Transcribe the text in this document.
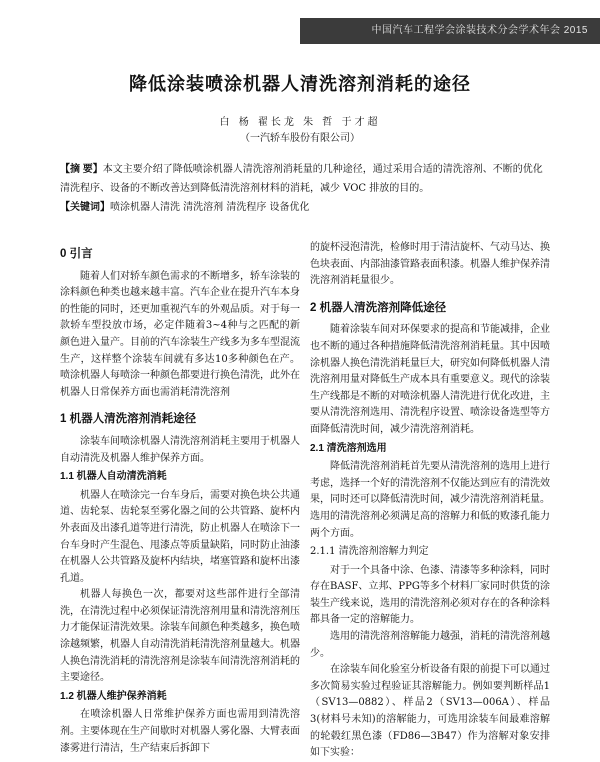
中国汽车工程学会涂装技术分会学术年会 2015
降低涂装喷涂机器人清洗溶剂消耗的途径
白 杨 翟长龙 朱 哲 于才超
（一汽轿车股份有限公司）
【摘 要】本文主要介绍了降低喷涂机器人清洗溶剂消耗量的几种途径，通过采用合适的清洗溶剂、不断的优化清洗程序、设备的不断改善达到降低清洗溶剂材料的消耗，减少 VOC 排放的目的。
【关键词】喷涂机器人清洗 清洗溶剂 清洗程序 设备优化
0 引言

随着人们对轿车颜色需求的不断增多，轿车涂装的涂料颜色种类也越来越丰富。汽车企业在提升汽车本身的性能的同时，还更加重视汽车的外观品质。对于每一款轿车型投放市场，必定伴随着3~4种与之匹配的新颜色进入量产。目前的汽车涂装生产线多为多车型混流生产，这样整个涂装车间就有多达10多种颜色在产。喷涂机器人每喷涂一种颜色都要进行换色清洗，此外在机器人日常保养方面也需消耗清洗溶剂

1 机器人清洗溶剂消耗途径

涂装车间喷涂机器人清洗溶剂消耗主要用于机器人自动清洗及机器人维护保养方面。

1.1 机器人自动清洗消耗

机器人在喷涂完一台车身后，需要对换色块公共通道、齿轮泵、齿轮泵至雾化器之间的公共管路、旋杯内外表面及出漆孔道等进行清洗，防止机器人在喷涂下一台车身时产生混色、甩漆点等质量缺陷，同时防止油漆在机器人公共管路及旋杯内结块，堵塞管路和旋杯出漆孔道。

机器人每换色一次，都要对这些部件进行全部清洗，在清洗过程中必须保证清洗溶剂用量和清洗溶剂压力才能保证清洗效果。涂装车间颜色种类越多，换色喷涂越频繁，机器人自动清洗消耗清洗溶剂量越大。机器人换色清洗消耗的清洗溶剂是涂装车间清洗溶剂消耗的主要途径。

1.2 机器人维护保养消耗

在喷涂机器人日常维护保养方面也需用到清洗溶剂。主要体现在生产间歇时对机器人雾化器、大臂表面漆雾进行清洁，生产结束后拆卸下

的旋杯浸泡清洗，检修时用于清洁旋杯、气动马达、换色块表面、内部油漆管路表面积漆。机器人维护保养清洗溶剂消耗量很少。

2 机器人清洗溶剂降低途径

随着涂装车间对环保要求的提高和节能减排，企业也不断的通过各种措施降低清洗溶剂消耗量。其中因喷涂机器人换色清洗消耗量巨大，研究如何降低机器人清洗溶剂用量对降低生产成本具有重要意义。现代的涂装生产线都是不断的对喷涂机器人清洗进行优化改进，主要从清洗溶剂选用、清洗程序设置、喷涂设备选型等方面降低清洗时间，减少清洗溶剂消耗。

2.1 清洗溶剂选用

降低清洗溶剂消耗首先要从清洗溶剂的选用上进行考虑，选择一个好的清洗溶剂不仅能达到应有的清洗效果，同时还可以降低清洗时间，减少清洗溶剂消耗量。选用的清洗溶剂必须满足高的溶解力和低的败漆孔能力两个方面。

2.1.1 清洗溶剂溶解力判定

对于一个具备中涂、色漆、清漆等多种涂料，同时存在BASF、立邦、PPG等多个材料厂家同时供货的涂装生产线来说，选用的清洗溶剂必须对存在的各种涂料都具备一定的溶解能力。

选用的清洗溶剂溶解能力越强，消耗的清洗溶剂越少。

在涂装车间化验室分析设备有限的前提下可以通过多次简易实验过程验证其溶解能力。例如要判断样品1（SV13—0882）、样品2（SV13—006A）、样品3(材料号未知)的溶解能力，可选用涂装车间最难溶解的轮毂红黑色漆（FD86—3B47）作为溶解对象安排如下实验：
